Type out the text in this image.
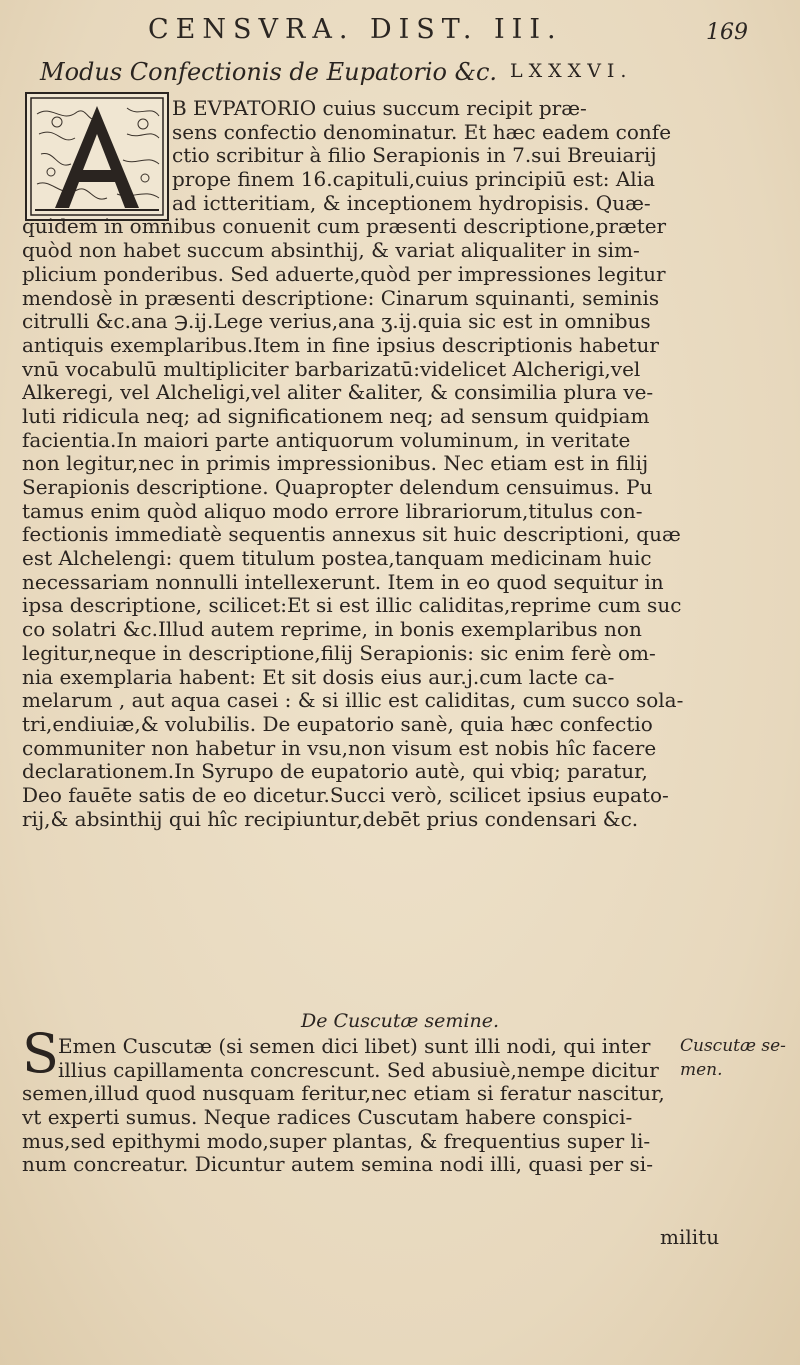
CENSVRA. DIST. III.	169
Modus Confectionis de Eupatorio &c. LXXXVI.
B EVPATORIO cuius succum recipit præ-
sens confectio denominatur. Et hæc eadem confe
ctio scribitur à filio Serapionis in 7.sui Breuiarij
prope finem 16.capituli,cuius principiū est: Alia
ad ictteritiam, & inceptionem hydropisis. Quæ-
quidem in omnibus conuenit cum præsenti descriptione,præter
quòd non habet succum absinthij, & variat aliqualiter in sim-
plicium ponderibus. Sed aduerte,quòd per impressiones legitur
mendosè in præsenti descriptione: Cinarum squinanti, seminis
citrulli &c.ana ℈.ij.Lege verius,ana ʒ.ij.quia sic est in omnibus
antiquis exemplaribus.Item in fine ipsius descriptionis habetur
vnū vocabulū multipliciter barbarizatū:videlicet Alcherigi,vel
Alkeregi, vel Alcheligi,vel aliter &aliter, & consimilia plura ve-
luti ridicula neq; ad significationem neq; ad sensum quidpiam
facientia.In maiori parte antiquorum voluminum, in veritate
non legitur,nec in primis impressionibus. Nec etiam est in filij
Serapionis descriptione. Quapropter delendum censuimus. Pu
tamus enim quòd aliquo modo errore librariorum,titulus con-
fectionis immediatè sequentis annexus sit huic descriptioni, quæ
est Alchelengi: quem titulum postea,tanquam medicinam huic
necessariam nonnulli intellexerunt. Item in eo quod sequitur in
ipsa descriptione, scilicet:Et si est illic caliditas,reprime cum suc
co solatri &c.Illud autem reprime, in bonis exemplaribus non
legitur,neque in descriptione,filij Serapionis: sic enim ferè om-
nia exemplaria habent: Et sit dosis eius aur.j.cum lacte ca-
melarum , aut aqua casei : & si illic est caliditas, cum succo sola-
tri,endiuiæ,& volubilis. De eupatorio sanè, quia hæc confectio
communiter non habetur in vsu,non visum est nobis hîc facere
declarationem.In Syrupo de eupatorio autè, qui vbiq; paratur,
Deo fauēte satis de eo dicetur.Succi verò, scilicet ipsius eupato-
rij,& absinthij qui hîc recipiuntur,debēt prius condensari &c.
De Cuscutæ semine.
S Emen Cuscutæ (si semen dici libet) sunt illi nodi, qui inter
illius capillamenta concrescunt. Sed abusiuè,nempe dicitur
semen,illud quod nusquam feritur,nec etiam si feratur nascitur,
vt experti sumus. Neque radices Cuscutam habere conspici-
mus,sed epithymi modo,super plantas, & frequentius super li-
num concreatur. Dicuntur autem semina nodi illi, quasi per si-
Cuscutæ se-
men.
militu
